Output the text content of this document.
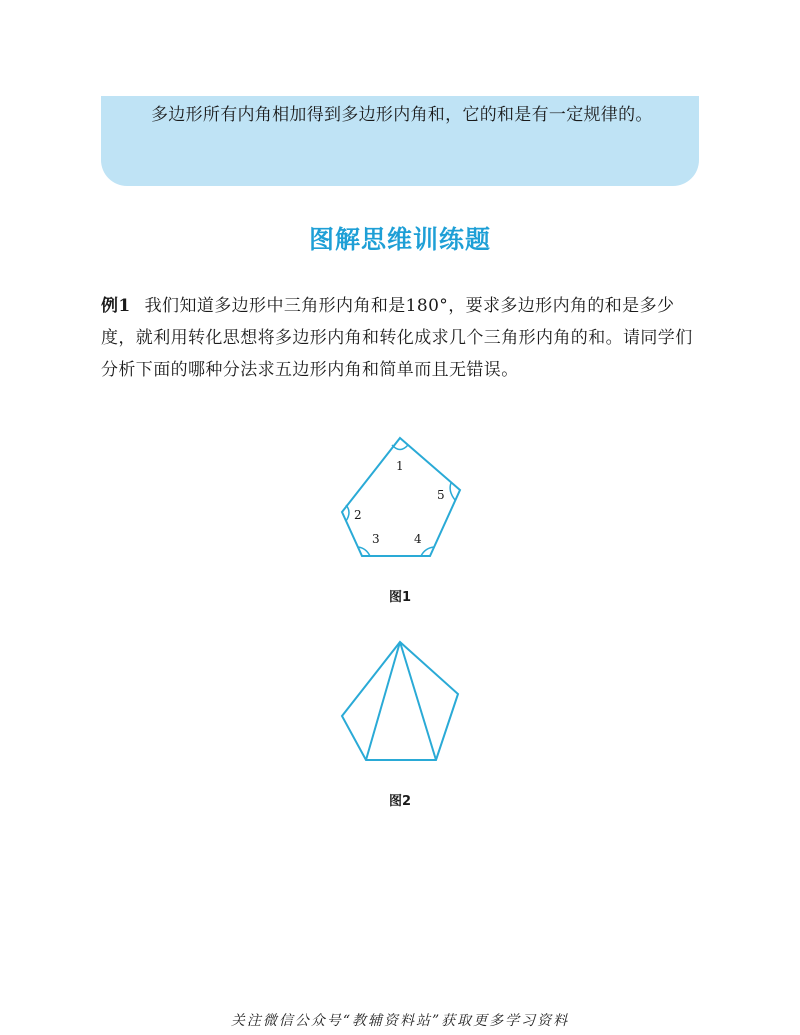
多边形所有内角相加得到多边形内角和，它的和是有一定规律的。

图解思维训练题

例1 我们知道多边形中三角形内角和是180°，要求多边形内角的和是多少度，就利用转化思想将多边形内角和转化成求几个三角形内角的和。请同学们分析下面的哪种分法求五边形内角和简单而且无错误。

1
2
3	4
5
图1
图2
关注微信公众号“教辅资料站”获取更多学习资料
